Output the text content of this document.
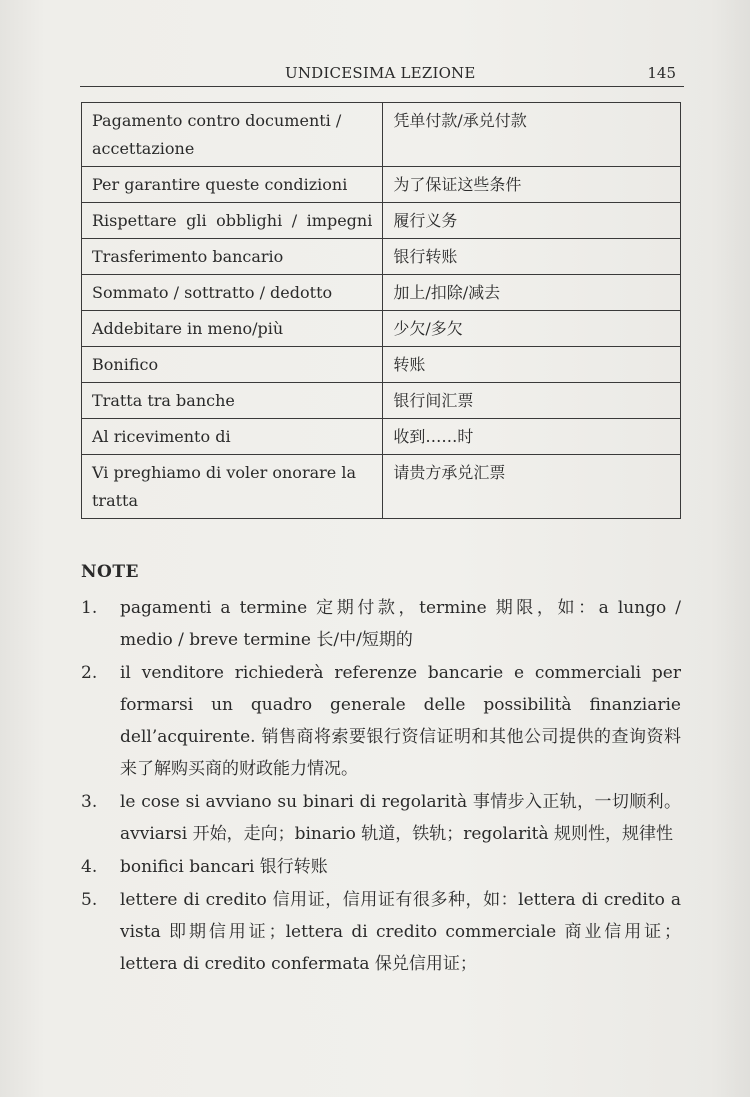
UNDICESIMA LEZIONE	145
Pagamento contro documenti / accettazione	凭单付款/承兑付款
Per garantire queste condizioni	为了保证这些条件
Rispettare gli obblighi / impegni	履行义务
Trasferimento bancario	银行转账
Sommato / sottratto / dedotto	加上/扣除/减去
Addebitare in meno/più	少欠/多欠
Bonifico	转账
Tratta tra banche	银行间汇票
Al ricevimento di	收到……时
Vi preghiamo di voler onorare la tratta	请贵方承兑汇票
NOTE
1. pagamenti a termine 定期付款，termine 期限，如：a lungo / medio / breve termine 长/中/短期的
2. il venditore richiederà referenze bancarie e commerciali per formarsi un quadro generale delle possibilità finanziarie dell’acquirente. 销售商将索要银行资信证明和其他公司提供的查询资料来了解购买商的财政能力情况。
3. le cose si avviano su binari di regolarità 事情步入正轨，一切顺利。avviarsi 开始，走向；binario 轨道，铁轨；regolarità 规则性，规律性
4. bonifici bancari 银行转账
5. lettere di credito 信用证，信用证有很多种，如：lettera di credito a vista 即期信用证；lettera di credito commerciale 商业信用证；lettera di credito confermata 保兑信用证；
